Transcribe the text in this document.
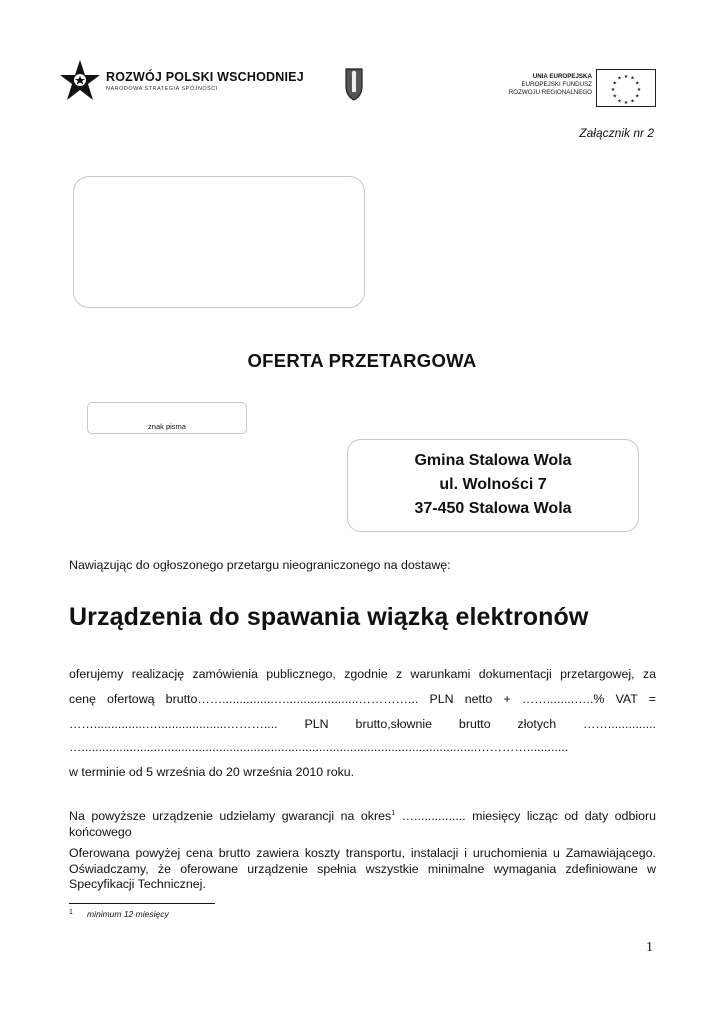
ROZWÓJ POLSKI WSCHODNIEJ
NARODOWA STRATEGIA SPÓJNOŚCI
UNIA EUROPEJSKA
EUROPEJSKI FUNDUSZ
ROZWOJU REGIONALNEGO
★ ★
★
★
★
★
★
★
★
★
★
★
Załącznik nr 2
OFERTA PRZETARGOWA
znak pisma
Gmina Stalowa Wola
ul. Wolności 7
37-450 Stalowa Wola
Nawiązując do ogłoszonego przetargu nieograniczonego na dostawę:
Urządzenia do spawania wiązką elektronów
oferujemy realizację zamówienia publicznego, zgodnie z warunkami dokumentacji przetargowej, za
cenę ofertową brutto……...............….....................…………... PLN netto + ……........…..% VAT =
……...............…....................……….... PLN brutto,słownie brutto złotych ……..............
…...................................................................................................................…………............
w terminie od 5 września do 20 września 2010 roku.
Na powyższe urządzenie udzielamy gwarancji na okres$^1$ …............... miesięcy licząc od daty odbioru końcowego
Oferowana powyżej cena brutto zawiera koszty transportu, instalacji i uruchomienia u Zamawiającego. Oświadczamy, że oferowane urządzenie spełnia wszystkie minimalne wymagania zdefiniowane w Specyfikacji Technicznej.
1 minimum 12 miesięcy
1
